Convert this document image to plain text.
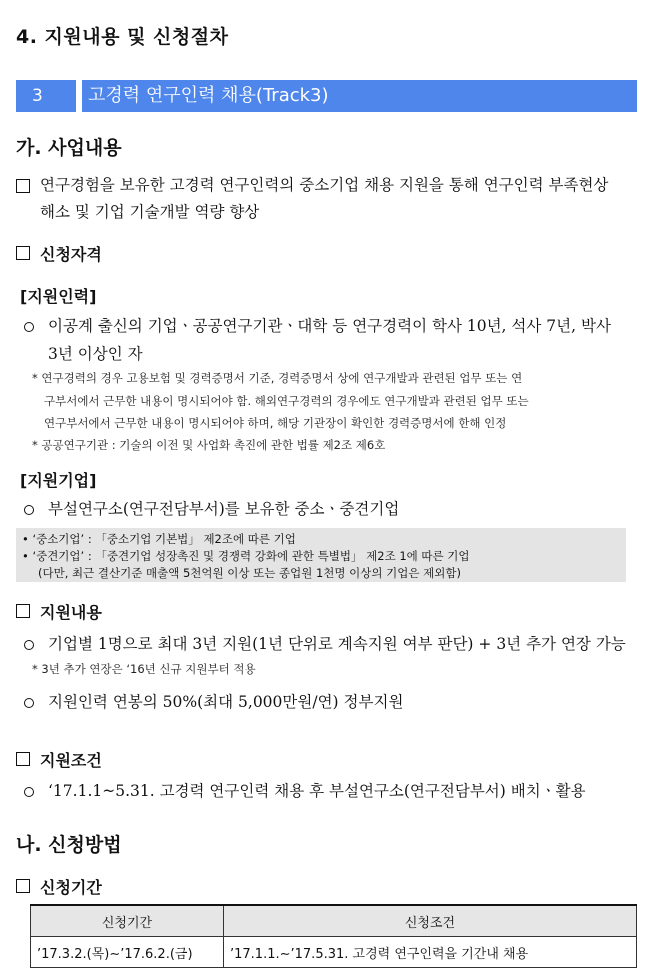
4. 지원내용 및 신청절차
3	고경력 연구인력 채용(Track3)
가. 사업내용
연구경험을 보유한 고경력 연구인력의 중소기업 채용 지원을 통해 연구인력 부족현상
해소 및 기업 기술개발 역량 향상
신청자격
[지원인력]
이공계 출신의 기업ㆍ공공연구기관ㆍ대학 등 연구경력이 학사 10년, 석사 7년, 박사
3년 이상인 자
* 연구경력의 경우 고용보험 및 경력증명서 기준, 경력증명서 상에 연구개발과 관련된 업무 또는 연
구부서에서 근무한 내용이 명시되어야 함. 해외연구경력의 경우에도 연구개발과 관련된 업무 또는
연구부서에서 근무한 내용이 명시되어야 하며, 해당 기관장이 확인한 경력증명서에 한해 인정
* 공공연구기관 : 기술의 이전 및 사업화 촉진에 관한 법률 제2조 제6호
[지원기업]
부설연구소(연구전담부서)를 보유한 중소ㆍ중견기업
• ‘중소기업’ : 「중소기업 기본법」 제2조에 따른 기업
• ‘중견기업’ : 「중견기업 성장촉진 및 경쟁력 강화에 관한 특별법」 제2조 1에 따른 기업
(다만, 최근 결산기준 매출액 5천억원 이상 또는 종업원 1천명 이상의 기업은 제외함)
지원내용
기업별 1명으로 최대 3년 지원(1년 단위로 계속지원 여부 판단) + 3년 추가 연장 가능
* 3년 추가 연장은 ‘16년 신규 지원부터 적용
지원인력 연봉의 50%(최대 5,000만원/연) 정부지원
지원조건
‘17.1.1~5.31. 고경력 연구인력 채용 후 부설연구소(연구전담부서) 배치ㆍ활용
나. 신청방법
신청기간
신청기간	신청조건
’17.3.2.(목)∼’17.6.2.(금)	’17.1.1.∼’17.5.31. 고경력 연구인력을 기간내 채용
